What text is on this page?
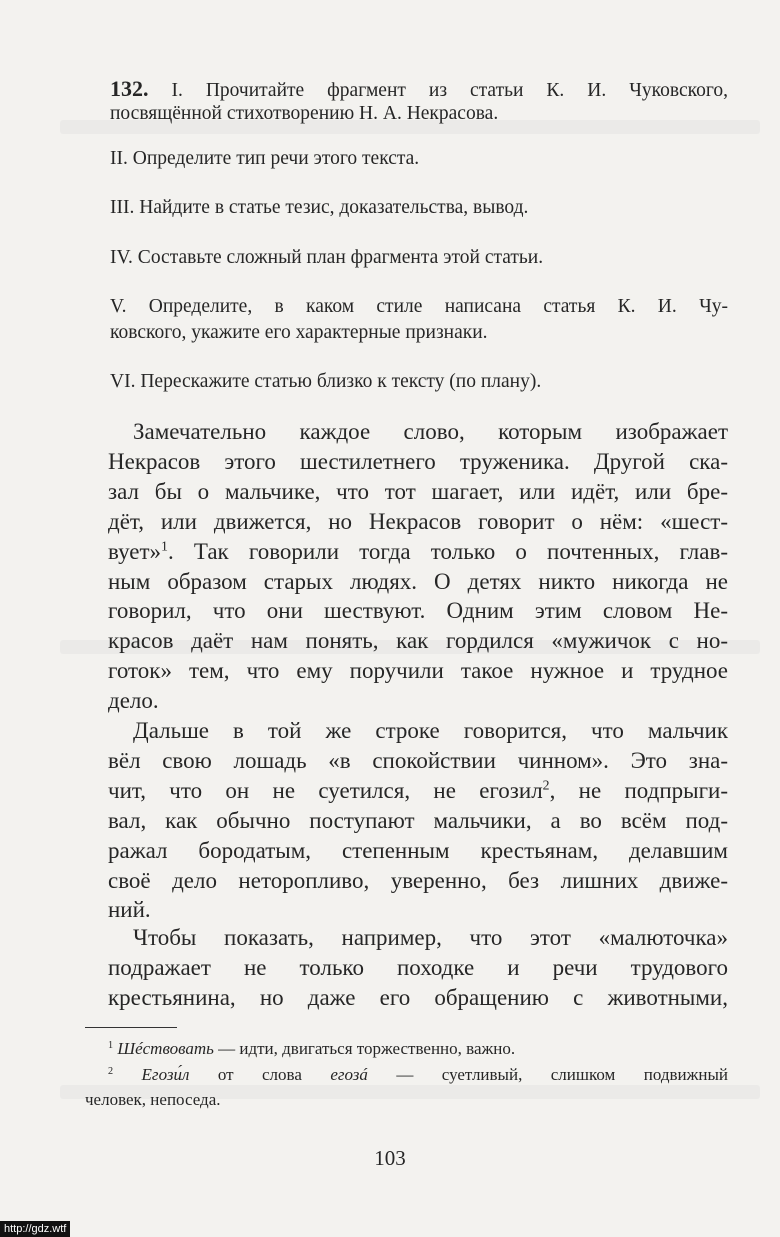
132. I. Прочитайте фрагмент из статьи К. И. Чуковского,
посвящённой стихотворению Н. А. Некрасова.
II. Определите тип речи этого текста.
III. Найдите в статье тезис, доказательства, вывод.
IV. Составьте сложный план фрагмента этой статьи.
V. Определите, в каком стиле написана статья К. И. Чу-
ковского, укажите его характерные признаки.
VI. Перескажите статью близко к тексту (по плану).
Замечательно каждое слово, которым изображает
Некрасов этого шестилетнего труженика. Другой ска-
зал бы о мальчике, что тот шагает, или идёт, или бре-
дёт, или движется, но Некрасов говорит о нём: «шест-
вует»$^1$. Так говорили тогда только о почтенных, глав-
ным образом старых людях. О детях никто никогда не
говорил, что они шествуют. Одним этим словом Не-
красов даёт нам понять, как гордился «мужичок с но-
готок» тем, что ему поручили такое нужное и трудное
дело.
Дальше в той же строке говорится, что мальчик
вёл свою лошадь «в спокойствии чинном». Это зна-
чит, что он не суетился, не егозил$^2$, не подпрыги-
вал, как обычно поступают мальчики, а во всём под-
ражал бородатым, степенным крестьянам, делавшим
своё дело неторопливо, уверенно, без лишних движе-
ний.
Чтобы показать, например, что этот «малюточка»
подражает не только походке и речи трудового
крестьянина, но даже его обращению с животными,
$^1$ Шéствовать — идти, двигаться торжественно, важно.
$^2$ Егози́л от слова егозá — суетливый, слишком подвижный
человек, непоседа.
103
http://gdz.wtf
